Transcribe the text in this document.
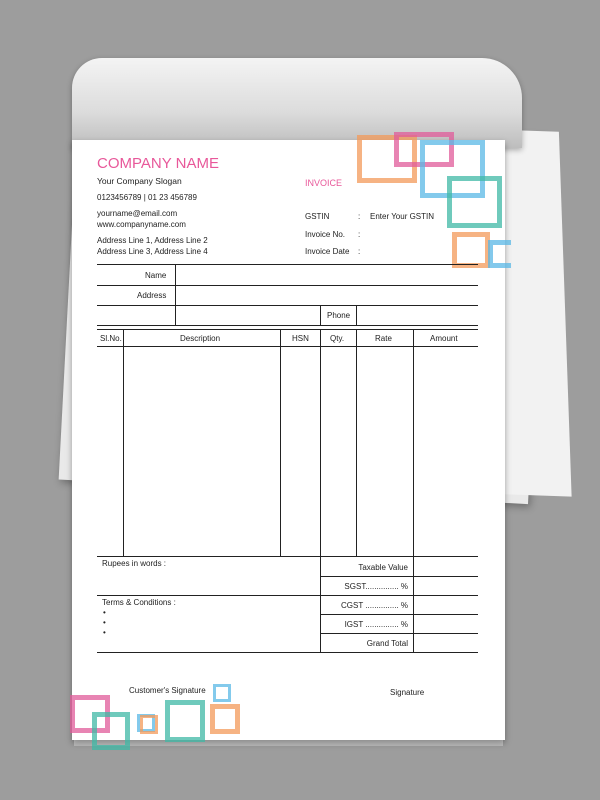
COMPANY NAME
Your Company Slogan
0123456789 | 01 23 456789
yourname@email.com
www.companyname.com
Address Line 1, Address Line 2
Address Line 3, Address Line 4
INVOICE
GSTIN	: Enter Your GSTIN
Invoice No. :
Invoice Date :
Name
Address
Phone
Sl.No.	Description	HSN	Qty.	Rate	Amount
Rupees in words :
Terms & Conditions :
•
•
•
Taxable Value
SGST............... %
CGST ............... %
IGST ............... %
Grand Total
Customer's Signature	Signature
